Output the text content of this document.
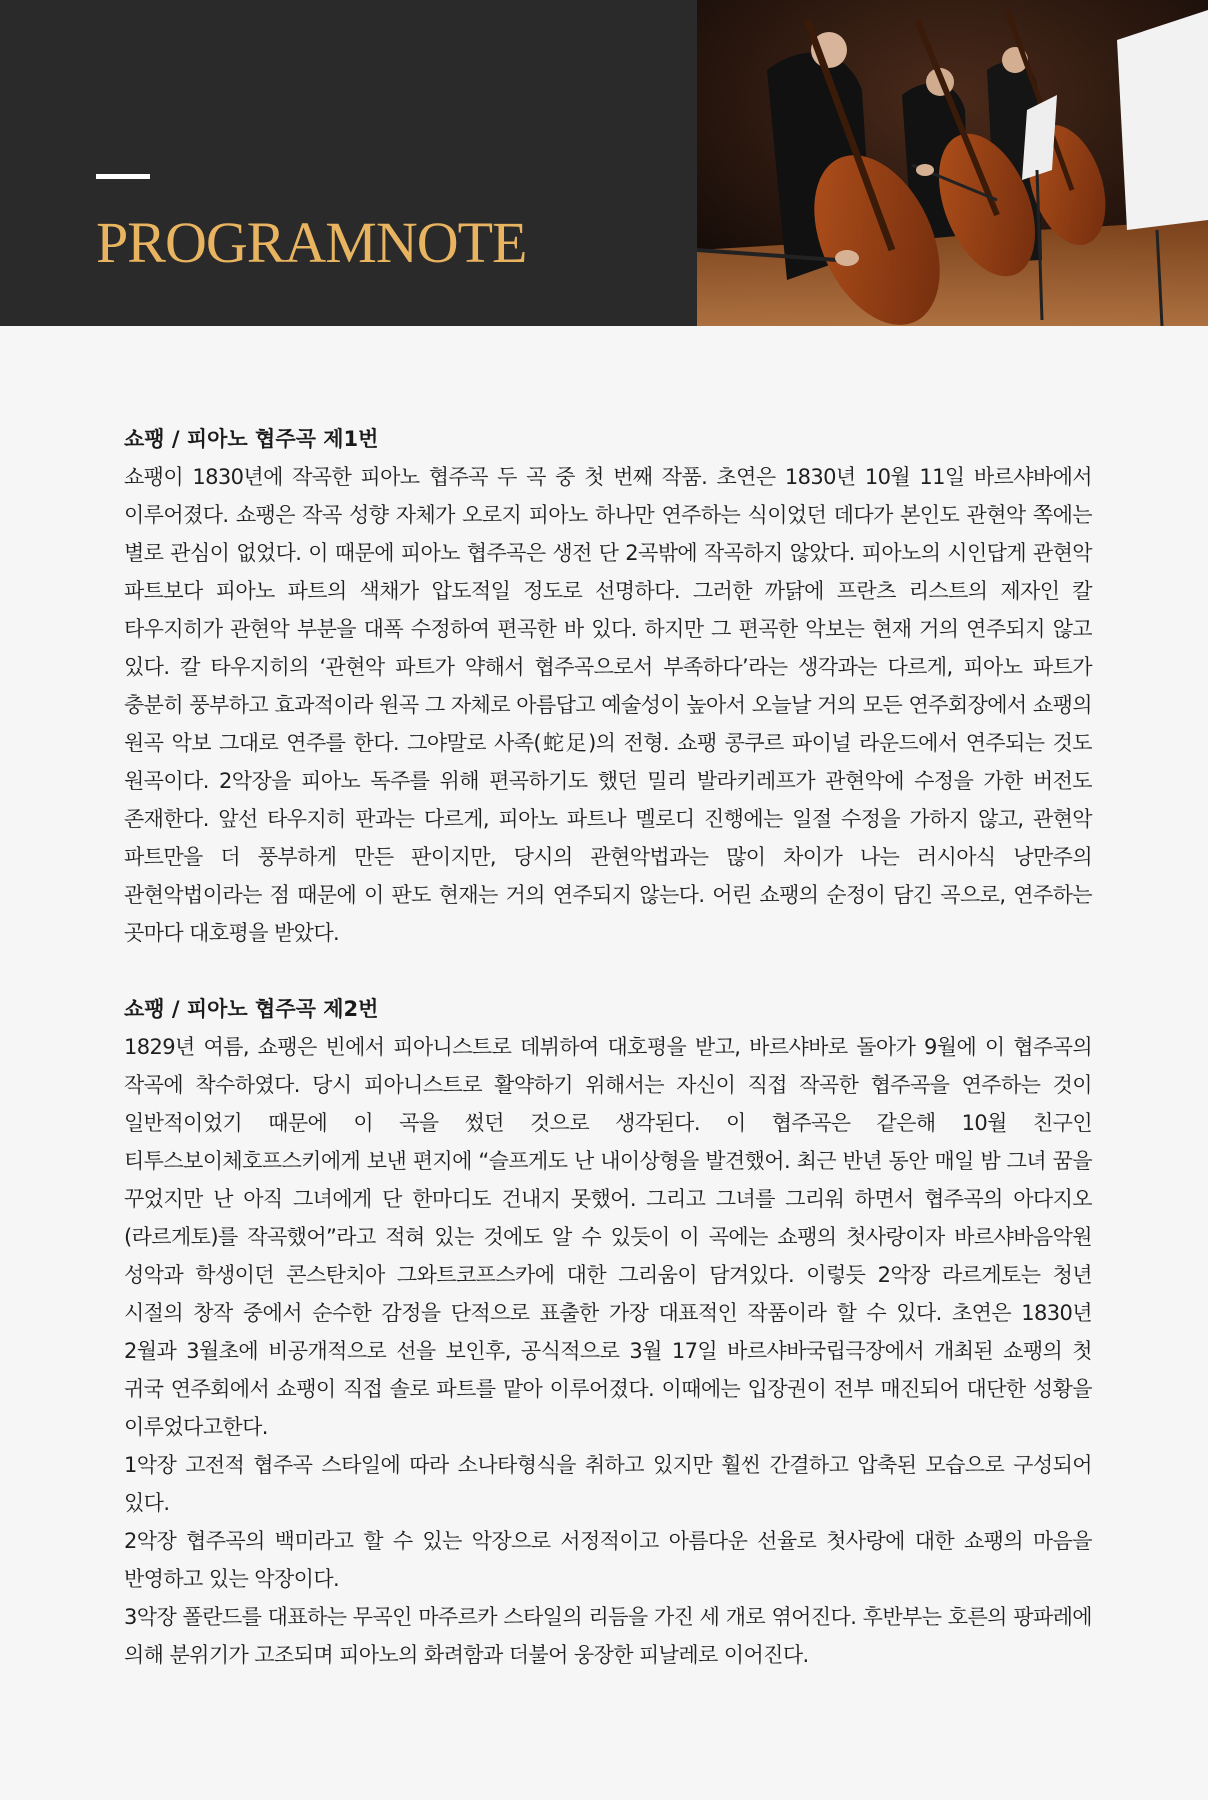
PROGRAMNOTE
쇼팽 / 피아노 협주곡 제1번

쇼팽이 1830년에 작곡한 피아노 협주곡 두 곡 중 첫 번째 작품. 초연은 1830년 10월 11일 바르샤바에서 이루어졌다. 쇼팽은 작곡 성향 자체가 오로지 피아노 하나만 연주하는 식이었던 데다가 본인도 관현악 쪽에는 별로 관심이 없었다. 이 때문에 피아노 협주곡은 생전 단 2곡밖에 작곡하지 않았다. 피아노의 시인답게 관현악 파트보다 피아노 파트의 색채가 압도적일 정도로 선명하다. 그러한 까닭에 프란츠 리스트의 제자인 칼 타우지히가 관현악 부분을 대폭 수정하여 편곡한 바 있다. 하지만 그 편곡한 악보는 현재 거의 연주되지 않고 있다. 칼 타우지히의 ‘관현악 파트가 약해서 협주곡으로서 부족하다’라는 생각과는 다르게, 피아노 파트가 충분히 풍부하고 효과적이라 원곡 그 자체로 아름답고 예술성이 높아서 오늘날 거의 모든 연주회장에서 쇼팽의 원곡 악보 그대로 연주를 한다. 그야말로 사족(蛇足)의 전형. 쇼팽 콩쿠르 파이널 라운드에서 연주되는 것도 원곡이다. 2악장을 피아노 독주를 위해 편곡하기도 했던 밀리 발라키레프가 관현악에 수정을 가한 버전도 존재한다. 앞선 타우지히 판과는 다르게, 피아노 파트나 멜로디 진행에는 일절 수정을 가하지 않고, 관현악 파트만을 더 풍부하게 만든 판이지만, 당시의 관현악법과는 많이 차이가 나는 러시아식 낭만주의 관현악법이라는 점 때문에 이 판도 현재는 거의 연주되지 않는다. 어린 쇼팽의 순정이 담긴 곡으로, 연주하는 곳마다 대호평을 받았다.

쇼팽 / 피아노 협주곡 제2번

1829년 여름, 쇼팽은 빈에서 피아니스트로 데뷔하여 대호평을 받고, 바르샤바로 돌아가 9월에 이 협주곡의 작곡에 착수하였다. 당시 피아니스트로 활약하기 위해서는 자신이 직접 작곡한 협주곡을 연주하는 것이 일반적이었기 때문에 이 곡을 썼던 것으로 생각된다. 이 협주곡은 같은해 10월 친구인 티투스보이체호프스키에게 보낸 편지에 “슬프게도 난 내이상형을 발견했어. 최근 반년 동안 매일 밤 그녀 꿈을 꾸었지만 난 아직 그녀에게 단 한마디도 건내지 못했어. 그리고 그녀를 그리워 하면서 협주곡의 아다지오(라르게토)를 작곡했어”라고 적혀 있는 것에도 알 수 있듯이 이 곡에는 쇼팽의 첫사랑이자 바르샤바음악원 성악과 학생이던 콘스탄치아 그와트코프스카에 대한 그리움이 담겨있다. 이렇듯 2악장 라르게토는 청년 시절의 창작 중에서 순수한 감정을 단적으로 표출한 가장 대표적인 작품이라 할 수 있다. 초연은 1830년 2월과 3월초에 비공개적으로 선을 보인후, 공식적으로 3월 17일 바르샤바국립극장에서 개최된 쇼팽의 첫 귀국 연주회에서 쇼팽이 직접 솔로 파트를 맡아 이루어졌다. 이때에는 입장권이 전부 매진되어 대단한 성황을 이루었다고한다.

1악장 고전적 협주곡 스타일에 따라 소나타형식을 취하고 있지만 훨씬 간결하고 압축된 모습으로 구성되어 있다.

2악장 협주곡의 백미라고 할 수 있는 악장으로 서정적이고 아름다운 선율로 첫사랑에 대한 쇼팽의 마음을 반영하고 있는 악장이다.

3악장 폴란드를 대표하는 무곡인 마주르카 스타일의 리듬을 가진 세 개로 엮어진다. 후반부는 호른의 팡파레에 의해 분위기가 고조되며 피아노의 화려함과 더불어 웅장한 피날레로 이어진다.
